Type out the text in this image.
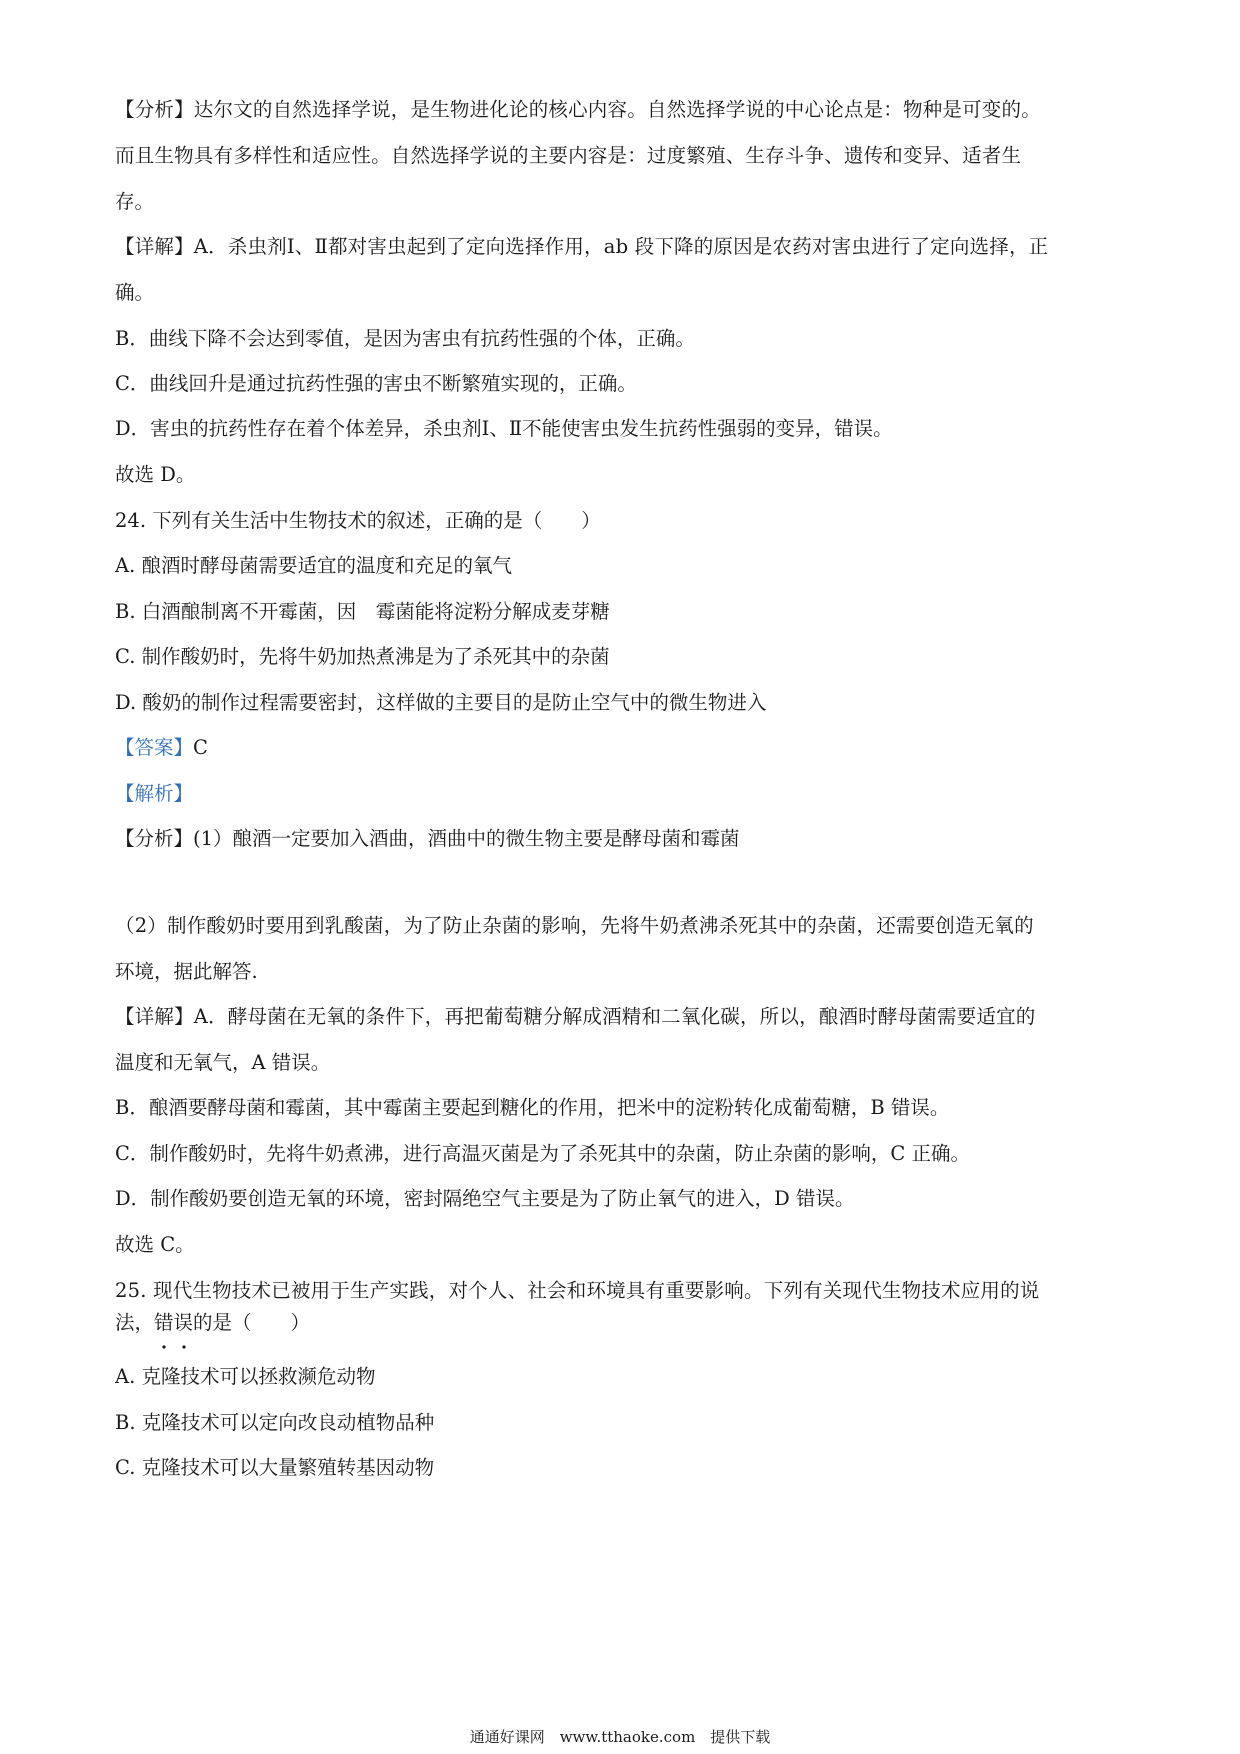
【分析】达尔文的自然选择学说，是生物进化论的核心内容。自然选择学说的中心论点是：物种是可变的。
而且生物具有多样性和适应性。自然选择学说的主要内容是：过度繁殖、生存斗争、遗传和变异、适者生
存。
【详解】A．杀虫剂Ⅰ、Ⅱ都对害虫起到了定向选择作用，ab 段下降的原因是农药对害虫进行了定向选择，正
确。
B．曲线下降不会达到零值，是因为害虫有抗药性强的个体，正确。
C．曲线回升是通过抗药性强的害虫不断繁殖实现的，正确。
D．害虫的抗药性存在着个体差异，杀虫剂Ⅰ、Ⅱ不能使害虫发生抗药性强弱的变异，错误。
故选 D。
24. 下列有关生活中生物技术的叙述，正确的是（　　）
A. 酿酒时酵母菌需要适宜的温度和充足的氧气
B. 白酒酿制离不开霉菌，因　霉菌能将淀粉分解成麦芽糖
C. 制作酸奶时，先将牛奶加热煮沸是为了杀死其中的杂菌
D. 酸奶的制作过程需要密封，这样做的主要目的是防止空气中的微生物进入
【答案】C
【解析】
【分析】(1）酿酒一定要加入酒曲，酒曲中的微生物主要是酵母菌和霉菌
（2）制作酸奶时要用到乳酸菌，为了防止杂菌的影响，先将牛奶煮沸杀死其中的杂菌，还需要创造无氧的
环境，据此解答.
【详解】A．酵母菌在无氧的条件下，再把葡萄糖分解成酒精和二氧化碳，所以，酿酒时酵母菌需要适宜的
温度和无氧气，A 错误。
B．酿酒要酵母菌和霉菌，其中霉菌主要起到糖化的作用，把米中的淀粉转化成葡萄糖，B 错误。
C．制作酸奶时，先将牛奶煮沸，进行高温灭菌是为了杀死其中的杂菌，防止杂菌的影响，C 正确。
D．制作酸奶要创造无氧的环境，密封隔绝空气主要是为了防止氧气的进入，D 错误。
故选 C。
25. 现代生物技术已被用于生产实践，对个人、社会和环境具有重要影响。下列有关现代生物技术应用的说
法，错误
的是（　　）
A. 克隆技术可以拯救濒危动物
B. 克隆技术可以定向改良动植物品种
C. 克隆技术可以大量繁殖转基因动物
通通好课网　www.tthaoke.com　提供下载
